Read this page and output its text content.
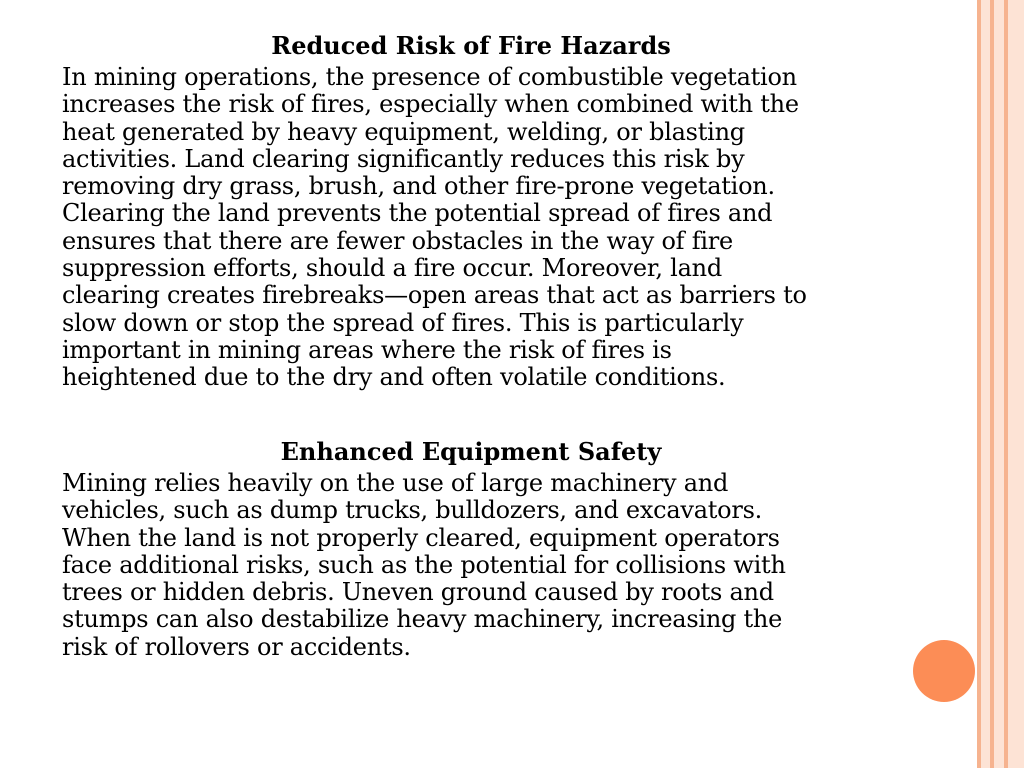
Reduced Risk of Fire Hazards

In mining operations, the presence of combustible vegetation
increases the risk of fires, especially when combined with the
heat generated by heavy equipment, welding, or blasting
activities. Land clearing significantly reduces this risk by
removing dry grass, brush, and other fire-prone vegetation.
Clearing the land prevents the potential spread of fires and
ensures that there are fewer obstacles in the way of fire
suppression efforts, should a fire occur. Moreover, land
clearing creates firebreaks—open areas that act as barriers to
slow down or stop the spread of fires. This is particularly
important in mining areas where the risk of fires is
heightened due to the dry and often volatile conditions.

Enhanced Equipment Safety

Mining relies heavily on the use of large machinery and
vehicles, such as dump trucks, bulldozers, and excavators.
When the land is not properly cleared, equipment operators
face additional risks, such as the potential for collisions with
trees or hidden debris. Uneven ground caused by roots and
stumps can also destabilize heavy machinery, increasing the
risk of rollovers or accidents.
